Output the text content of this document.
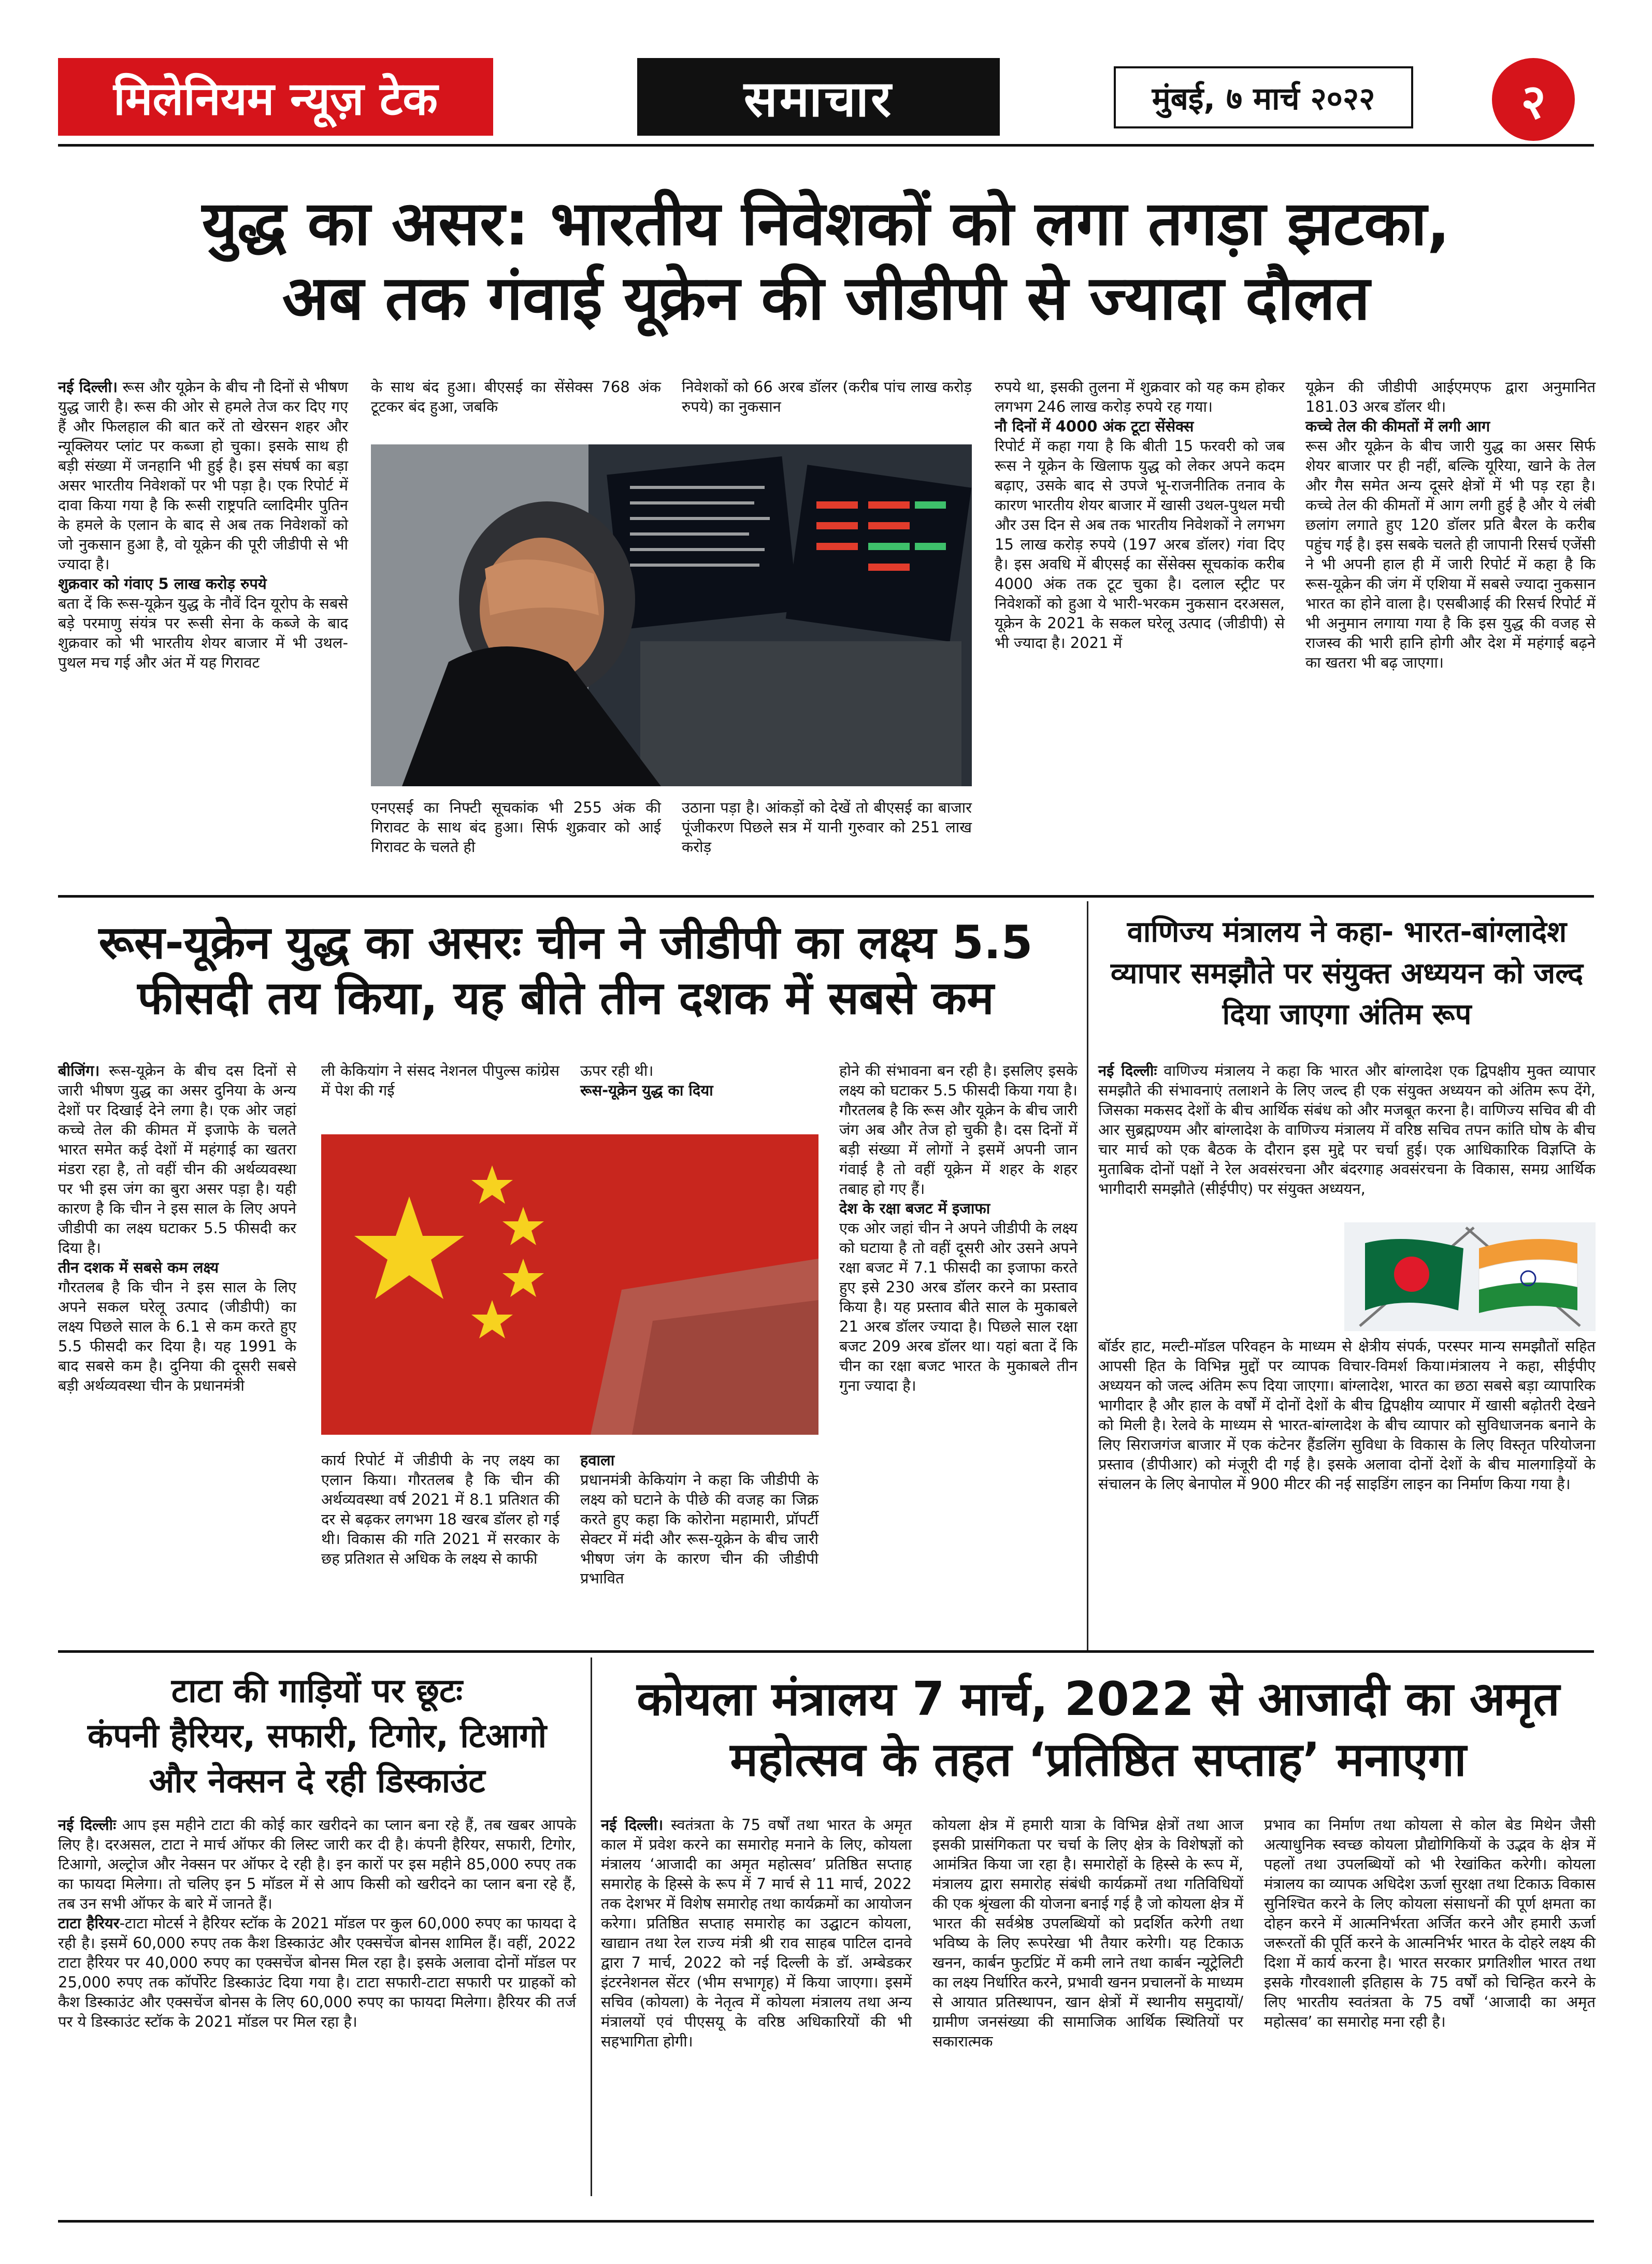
मिलेनियम न्यूज़ टेक	समाचार	मुंबई, ७ मार्च २०२२	२
युद्ध का असर: भारतीय निवेशकों को लगा तगड़ा झटका,
अब तक गंवाई यूक्रेन की जीडीपी से ज्यादा दौलत

नई दिल्ली। रूस और यूक्रेन के बीच नौ दिनों से भीषण युद्ध जारी है। रूस की ओर से हमले तेज कर दिए गए हैं और फिलहाल की बात करें तो खेरसन शहर और न्यूक्लियर प्लांट पर कब्जा हो चुका। इसके साथ ही बड़ी संख्या में जनहानि भी हुई है। इस संघर्ष का बड़ा असर भारतीय निवेशकों पर भी पड़ा है। एक रिपोर्ट में दावा किया गया है कि रूसी राष्ट्रपति व्लादिमीर पुतिन के हमले के एलान के बाद से अब तक निवेशकों को जो नुकसान हुआ है, वो यूक्रेन की पूरी जीडीपी से भी ज्यादा है।

शुक्रवार को गंवाए 5 लाख करोड़ रुपये

बता दें कि रूस-यूक्रेन युद्ध के नौवें दिन यूरोप के सबसे बड़े परमाणु संयंत्र पर रूसी सेना के कब्जे के बाद शुक्रवार को भी भारतीय शेयर बाजार में भी उथल-पुथल मच गई और अंत में यह गिरावट

के साथ बंद हुआ। बीएसई का सेंसेक्स 768 अंक टूटकर बंद हुआ, जबकि
निवेशकों को 66 अरब डॉलर (करीब पांच लाख करोड़ रुपये) का नुकसान
एनएसई का निफ्टी सूचकांक भी 255 अंक की गिरावट के साथ बंद हुआ। सिर्फ शुक्रवार को आई गिरावट के चलते ही
उठाना पड़ा है। आंकड़ों को देखें तो बीएसई का बाजार पूंजीकरण पिछले सत्र में यानी गुरुवार को 251 लाख करोड़

रुपये था, इसकी तुलना में शुक्रवार को यह कम होकर लगभग 246 लाख करोड़ रुपये रह गया।

नौ दिनों में 4000 अंक टूटा सेंसेक्स

रिपोर्ट में कहा गया है कि बीती 15 फरवरी को जब रूस ने यूक्रेन के खिलाफ युद्ध को लेकर अपने कदम बढ़ाए, उसके बाद से उपजे भू-राजनीतिक तनाव के कारण भारतीय शेयर बाजार में खासी उथल-पुथल मची और उस दिन से अब तक भारतीय निवेशकों ने लगभग 15 लाख करोड़ रुपये (197 अरब डॉलर) गंवा दिए है। इस अवधि में बीएसई का सेंसेक्स सूचकांक करीब 4000 अंक तक टूट चुका है। दलाल स्ट्रीट पर निवेशकों को हुआ ये भारी-भरकम नुकसान दरअसल, यूक्रेन के 2021 के सकल घरेलू उत्पाद (जीडीपी) से भी ज्यादा है। 2021 में

यूक्रेन की जीडीपी आईएमएफ द्वारा अनुमानित 181.03 अरब डॉलर थी।

कच्चे तेल की कीमतों में लगी आग

रूस और यूक्रेन के बीच जारी युद्ध का असर सिर्फ शेयर बाजार पर ही नहीं, बल्कि यूरिया, खाने के तेल और गैस समेत अन्य दूसरे क्षेत्रों में भी पड़ रहा है। कच्चे तेल की कीमतों में आग लगी हुई है और ये लंबी छलांग लगाते हुए 120 डॉलर प्रति बैरल के करीब पहुंच गई है। इस सबके चलते ही जापानी रिसर्च एजेंसी ने भी अपनी हाल ही में जारी रिपोर्ट में कहा है कि रूस-यूक्रेन की जंग में एशिया में सबसे ज्यादा नुकसान भारत का होने वाला है। एसबीआई की रिसर्च रिपोर्ट में भी अनुमान लगाया गया है कि इस युद्ध की वजह से राजस्व की भारी हानि होगी और देश में महंगाई बढ़ने का खतरा भी बढ़ जाएगा।

रूस-यूक्रेन युद्ध का असरः चीन ने जीडीपी का लक्ष्य 5.5
फीसदी तय किया, यह बीते तीन दशक में सबसे कम

बीजिंग। रूस-यूक्रेन के बीच दस दिनों से जारी भीषण युद्ध का असर दुनिया के अन्य देशों पर दिखाई देने लगा है। एक ओर जहां कच्चे तेल की कीमत में इजाफे के चलते भारत समेत कई देशों में महंगाई का खतरा मंडरा रहा है, तो वहीं चीन की अर्थव्यवस्था पर भी इस जंग का बुरा असर पड़ा है। यही कारण है कि चीन ने इस साल के लिए अपने जीडीपी का लक्ष्य घटाकर 5.5 फीसदी कर दिया है।

तीन दशक में सबसे कम लक्ष्य

गौरतलब है कि चीन ने इस साल के लिए अपने सकल घरेलू उत्पाद (जीडीपी) का लक्ष्य पिछले साल के 6.1 से कम करते हुए 5.5 फीसदी कर दिया है। यह 1991 के बाद सबसे कम है। दुनिया की दूसरी सबसे बड़ी अर्थव्यवस्था चीन के प्रधानमंत्री

ली केकियांग ने संसद नेशनल पीपुल्स कांग्रेस में पेश की गई

ऊपर रही थी।

रूस-यूक्रेन युद्ध का दिया
कार्य रिपोर्ट में जीडीपी के नए लक्ष्य का एलान किया। गौरतलब है कि चीन की अर्थव्यवस्था वर्ष 2021 में 8.1 प्रतिशत की दर से बढ़कर लगभग 18 खरब डॉलर हो गई थी। विकास की गति 2021 में सरकार के छह प्रतिशत से अधिक के लक्ष्य से काफी
हवाला

प्रधानमंत्री केकियांग ने कहा कि जीडीपी के लक्ष्य को घटाने के पीछे की वजह का जिक्र करते हुए कहा कि कोरोना महामारी, प्रॉपर्टी सेक्टर में मंदी और रूस-यूक्रेन के बीच जारी भीषण जंग के कारण चीन की जीडीपी प्रभावित

होने की संभावना बन रही है। इसलिए इसके लक्ष्य को घटाकर 5.5 फीसदी किया गया है। गौरतलब है कि रूस और यूक्रेन के बीच जारी जंग अब और तेज हो चुकी है। दस दिनों में बड़ी संख्या में लोगों ने इसमें अपनी जान गंवाई है तो वहीं यूक्रेन में शहर के शहर तबाह हो गए हैं।

देश के रक्षा बजट में इजाफा

एक ओर जहां चीन ने अपने जीडीपी के लक्ष्य को घटाया है तो वहीं दूसरी ओर उसने अपने रक्षा बजट में 7.1 फीसदी का इजाफा करते हुए इसे 230 अरब डॉलर करने का प्रस्ताव किया है। यह प्रस्ताव बीते साल के मुकाबले 21 अरब डॉलर ज्यादा है। पिछले साल रक्षा बजट 209 अरब डॉलर था। यहां बता दें कि चीन का रक्षा बजट भारत के मुकाबले तीन गुना ज्यादा है।

वाणिज्य मंत्रालय ने कहा- भारत-बांग्लादेश व्यापार समझौते पर संयुक्त अध्ययन को जल्द दिया जाएगा अंतिम रूप

नई दिल्लीः वाणिज्य मंत्रालय ने कहा कि भारत और बांग्लादेश एक द्विपक्षीय मुक्त व्यापार समझौते की संभावनाएं तलाशने के लिए जल्द ही एक संयुक्त अध्ययन को अंतिम रूप देंगे, जिसका मकसद देशों के बीच आर्थिक संबंध को और मजबूत करना है। वाणिज्य सचिव बी वी आर सुब्रह्मण्यम और बांग्लादेश के वाणिज्य मंत्रालय में वरिष्ठ सचिव तपन कांति घोष के बीच चार मार्च को एक बैठक के दौरान इस मुद्दे पर चर्चा हुई। एक आधिकारिक विज्ञप्ति के मुताबिक दोनों पक्षों ने रेल अवसंरचना और बंदरगाह अवसंरचना के विकास, समग्र आर्थिक भागीदारी समझौते (सीईपीए) पर संयुक्त अध्ययन,

बॉर्डर हाट, मल्टी-मॉडल परिवहन के माध्यम से क्षेत्रीय संपर्क, परस्पर मान्य समझौतों सहित आपसी हित के विभिन्न मुद्दों पर व्यापक विचार-विमर्श किया।मंत्रालय ने कहा, सीईपीए अध्ययन को जल्द अंतिम रूप दिया जाएगा। बांग्लादेश, भारत का छठा सबसे बड़ा व्यापारिक भागीदार है और हाल के वर्षों में दोनों देशों के बीच द्विपक्षीय व्यापार में खासी बढ़ोतरी देखने को मिली है। रेलवे के माध्यम से भारत-बांग्लादेश के बीच व्यापार को सुविधाजनक बनाने के लिए सिराजगंज बाजार में एक कंटेनर हैंडलिंग सुविधा के विकास के लिए विस्तृत परियोजना प्रस्ताव (डीपीआर) को मंजूरी दी गई है। इसके अलावा दोनों देशों के बीच मालगाड़ियों के संचालन के लिए बेनापोल में 900 मीटर की नई साइडिंग लाइन का निर्माण किया गया है।
टाटा की गाड़ियों पर छूटः
कंपनी हैरियर, सफारी, टिगोर, टिआगो
और नेक्सन दे रही डिस्काउंट

नई दिल्लीः आप इस महीने टाटा की कोई कार खरीदने का प्लान बना रहे हैं, तब खबर आपके लिए है। दरअसल, टाटा ने मार्च ऑफर की लिस्ट जारी कर दी है। कंपनी हैरियर, सफारी, टिगोर, टिआगो, अल्ट्रोज और नेक्सन पर ऑफर दे रही है। इन कारों पर इस महीने 85,000 रुपए तक का फायदा मिलेगा। तो चलिए इन 5 मॉडल में से आप किसी को खरीदने का प्लान बना रहे हैं, तब उन सभी ऑफर के बारे में जानते हैं।

टाटा हैरियर-टाटा मोटर्स ने हैरियर स्टॉक के 2021 मॉडल पर कुल 60,000 रुपए का फायदा दे रही है। इसमें 60,000 रुपए तक कैश डिस्काउंट और एक्सचेंज बोनस शामिल हैं। वहीं, 2022 टाटा हैरियर पर 40,000 रुपए का एक्सचेंज बोनस मिल रहा है। इसके अलावा दोनों मॉडल पर 25,000 रुपए तक कॉर्पोरेट डिस्काउंट दिया गया है। टाटा सफारी-टाटा सफारी पर ग्राहकों को कैश डिस्काउंट और एक्सचेंज बोनस के लिए 60,000 रुपए का फायदा मिलेगा। हैरियर की तर्ज पर ये डिस्काउंट स्टॉक के 2021 मॉडल पर मिल रहा है।

कोयला मंत्रालय 7 मार्च, 2022 से आजादी का अमृत
महोत्सव के तहत ‘प्रतिष्ठित सप्ताह’ मनाएगा

नई दिल्ली। स्वतंत्रता के 75 वर्षों तथा भारत के अमृत काल में प्रवेश करने का समारोह मनाने के लिए, कोयला मंत्रालय ‘आजादी का अमृत महोत्सव’ प्रतिष्ठित सप्ताह समारोह के हिस्से के रूप में 7 मार्च से 11 मार्च, 2022 तक देशभर में विशेष समारोह तथा कार्यक्रमों का आयोजन करेगा। प्रतिष्ठित सप्ताह समारोह का उद्घाटन कोयला, खाद्यान तथा रेल राज्य मंत्री श्री राव साहब पाटिल दानवे द्वारा 7 मार्च, 2022 को नई दिल्ली के डॉ. अम्बेडकर इंटरनेशनल सेंटर (भीम सभागृह) में किया जाएगा। इसमें सचिव (कोयला) के नेतृत्व में कोयला मंत्रालय तथा अन्य मंत्रालयों एवं पीएसयू के वरिष्ठ अधिकारियों की भी सहभागिता होगी।

कोयला क्षेत्र में हमारी यात्रा के विभिन्न क्षेत्रों तथा आज इसकी प्रासंगिकता पर चर्चा के लिए क्षेत्र के विशेषज्ञों को आमंत्रित किया जा रहा है। समारोहों के हिस्से के रूप में, मंत्रालय द्वारा समारोह संबंधी कार्यक्रमों तथा गतिविधियों की एक श्रृंखला की योजना बनाई गई है जो कोयला क्षेत्र में भारत की सर्वश्रेष्ठ उपलब्धियों को प्रदर्शित करेगी तथा भविष्य के लिए रूपरेखा भी तैयार करेगी। यह टिकाऊ खनन, कार्बन फुटप्रिंट में कमी लाने तथा कार्बन न्यूट्रेलिटी का लक्ष्य निर्धारित करने, प्रभावी खनन प्रचालनों के माध्यम से आयात प्रतिस्थापन, खान क्षेत्रों में स्थानीय समुदायों/ग्रामीण जनसंख्या की सामाजिक आर्थिक स्थितियों पर सकारात्मक
प्रभाव का निर्माण तथा कोयला से कोल बेड मिथेन जैसी अत्याधुनिक स्वच्छ कोयला प्रौद्योगिकियों के उद्भव के क्षेत्र में पहलों तथा उपलब्धियों को भी रेखांकित करेगी। कोयला मंत्रालय का व्यापक अधिदेश ऊर्जा सुरक्षा तथा टिकाऊ विकास सुनिश्चित करने के लिए कोयला संसाधनों की पूर्ण क्षमता का दोहन करने में आत्मनिर्भरता अर्जित करने और हमारी ऊर्जा जरूरतों की पूर्ति करने के आत्मनिर्भर भारत के दोहरे लक्ष्य की दिशा में कार्य करना है। भारत सरकार प्रगतिशील भारत तथा इसके गौरवशाली इतिहास के 75 वर्षों को चिन्हित करने के लिए भारतीय स्वतंत्रता के 75 वर्षों ‘आजादी का अमृत महोत्सव’ का समारोह मना रही है।
